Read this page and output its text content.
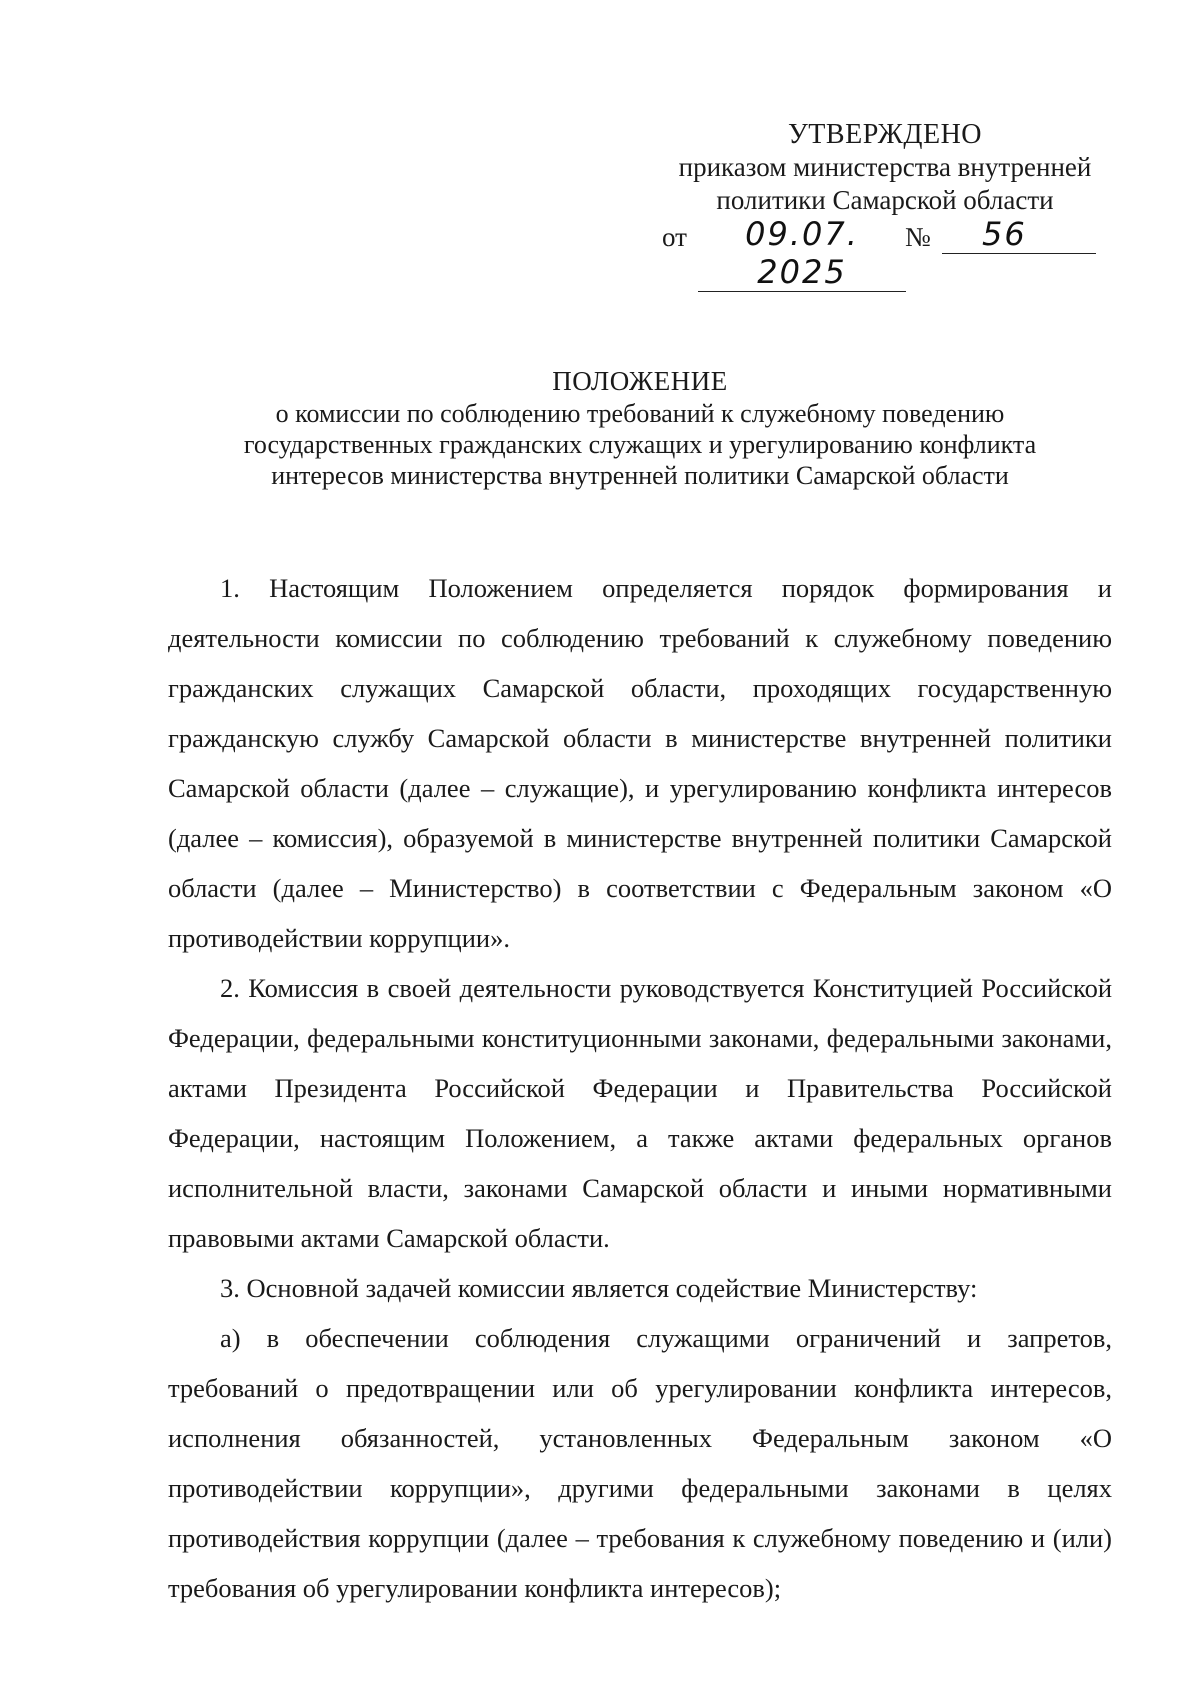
УТВЕРЖДЕНО
приказом министерства внутренней
политики Самарской области
от	09.07. 2025
№	56
ПОЛОЖЕНИЕ
о комиссии по соблюдению требований к служебному поведению
государственных гражданских служащих и урегулированию конфликта
интересов министерства внутренней политики Самарской области

1. Настоящим Положением определяется порядок формирования и деятельности комиссии по соблюдению требований к служебному поведению гражданских служащих Самарской области, проходящих государственную гражданскую службу Самарской области в министерстве внутренней политики Самарской области (далее – служащие), и урегулированию конфликта интересов (далее – комиссия), образуемой в министерстве внутренней политики Самарской области (далее – Министерство) в соответствии с Федеральным законом «О противодействии коррупции».

2. Комиссия в своей деятельности руководствуется Конституцией Российской Федерации, федеральными конституционными законами, федеральными законами, актами Президента Российской Федерации и Правительства Российской Федерации, настоящим Положением, а также актами федеральных органов исполнительной власти, законами Самарской области и иными нормативными правовыми актами Самарской области.

3. Основной задачей комиссии является содействие Министерству:

а) в обеспечении соблюдения служащими ограничений и запретов, требований о предотвращении или об урегулировании конфликта интересов, исполнения обязанностей, установленных Федеральным законом «О противодействии коррупции», другими федеральными законами в целях противодействия коррупции (далее – требования к служебному поведению и (или) требования об урегулировании конфликта интересов);
